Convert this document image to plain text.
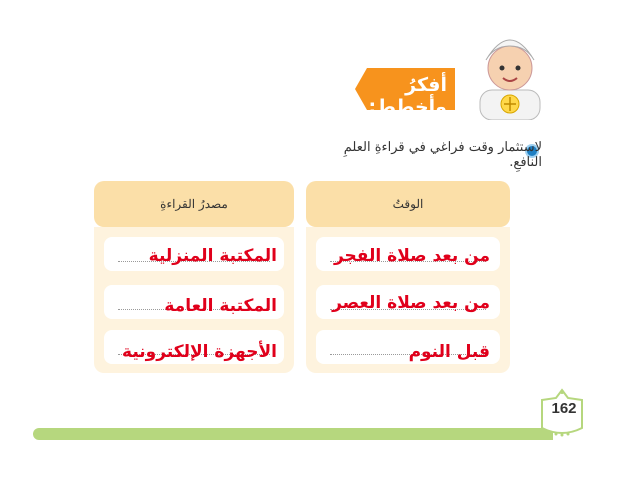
أفكرُ وأخطط:
لاستثمار وقت فراغي في قراءةِ العلمِ النافعِ.
الوقتُ
مصدرُ القراءةِ
من بعد صلاة الفجر
من بعد صلاة العصر
قبل النوم
المكتبة المنزلية
المكتبة العامة
الأجهزة الإلكترونية
162
